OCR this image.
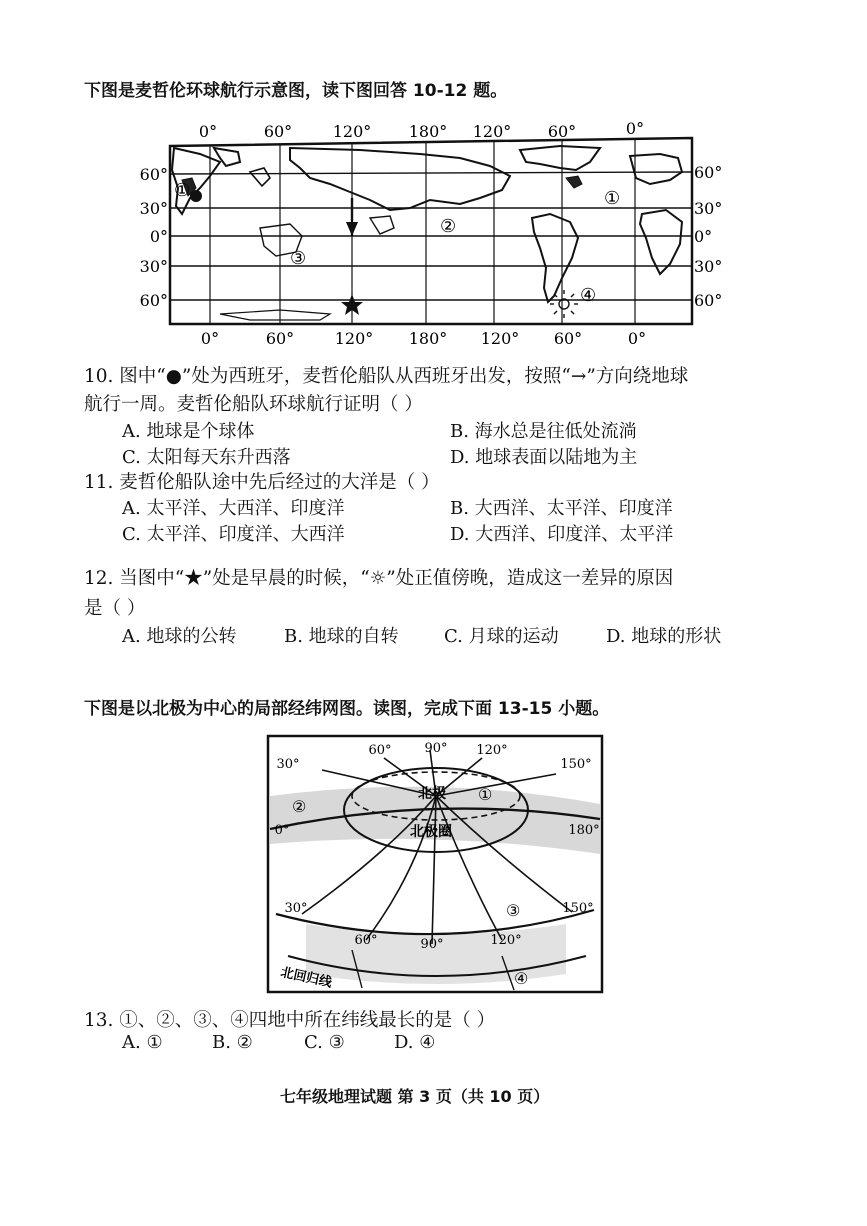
下图是麦哲伦环球航行示意图，读下图回答 10-12 题。
0°	60°	120° 180° 120° 60°	0°
60°
30°
0°
30°
60°
60°
30°
0°
30°
60°
①
②
③
①
④
0°	60°	120° 180° 120° 60°	0°
10. 图中“●”处为西班牙，麦哲伦船队从西班牙出发，按照“→”方向绕地球
航行一周。麦哲伦船队环球航行证明（ ）
A. 地球是个球体	B. 海水总是往低处流淌
C. 太阳每天东升西落	D. 地球表面以陆地为主
11. 麦哲伦船队途中先后经过的大洋是（ ）
A. 太平洋、大西洋、印度洋	B. 大西洋、太平洋、印度洋
C. 太平洋、印度洋、大西洋	D. 大西洋、印度洋、太平洋
12. 当图中“★”处是早晨的时候，“☼”处正值傍晚，造成这一差异的原因
是（ ）
A. 地球的公转	B. 地球的自转	C. 月球的运动	D. 地球的形状
下图是以北极为中心的局部经纬网图。读图，完成下面 13-15 小题。
北极
北极圈
北回归线
30°
60°	90° 120°
150°
0°	180°
30°
60°	90°	120°
150°
①
②
③
④
13. ①、②、③、④四地中所在纬线最长的是（ ）
A. ①	B. ②	C. ③	D. ④
七年级地理试题 第 3 页（共 10 页）
